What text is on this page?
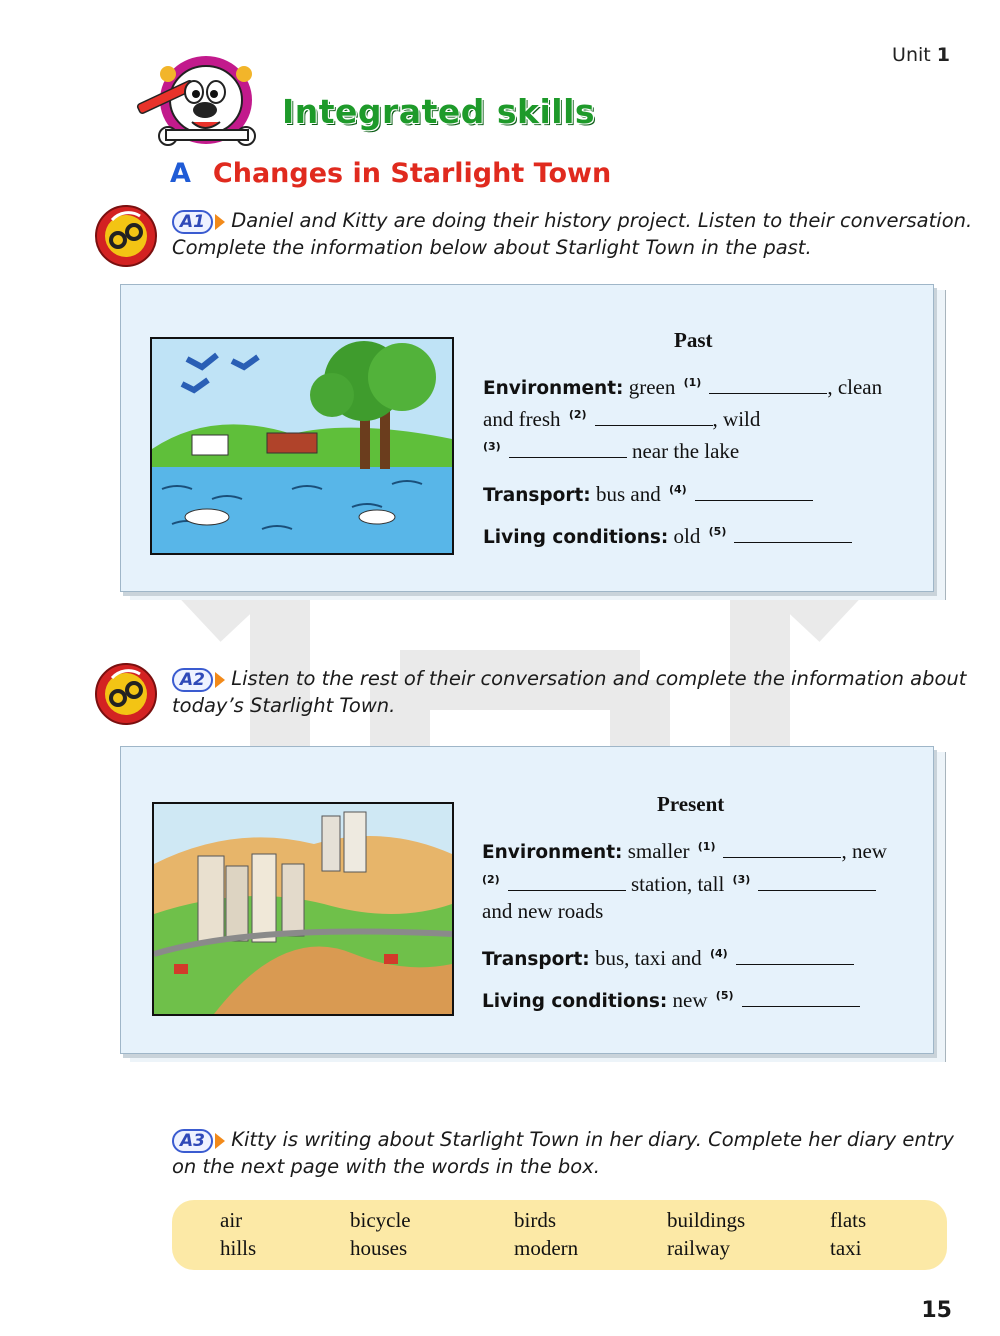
Unit 1
Integrated skills
A Changes in Starlight Town
A1 Daniel and Kitty are doing their history project. Listen to their conversation.
Complete the information below about Starlight Town in the past.
Past
Environment: green $^{(1)}$	, clean
and fresh $^{(2)}$	, wild
$^{(3)}$	near the lake
Transport: bus and $^{(4)}$
Living conditions: old $^{(5)}$
A2 Listen to the rest of their conversation and complete the information about
today’s Starlight Town.
Present
Environment: smaller $^{(1)}$	, new
$^{(2)}$	station, tall $^{(3)}$
and new roads
Transport: bus, taxi and $^{(4)}$
Living conditions: new $^{(5)}$
A3 Kitty is writing about Starlight Town in her diary. Complete her diary entry
on the next page with the words in the box.
air	bicycle	birds	buildings	flats
hills	houses	modern	railway	taxi
15
